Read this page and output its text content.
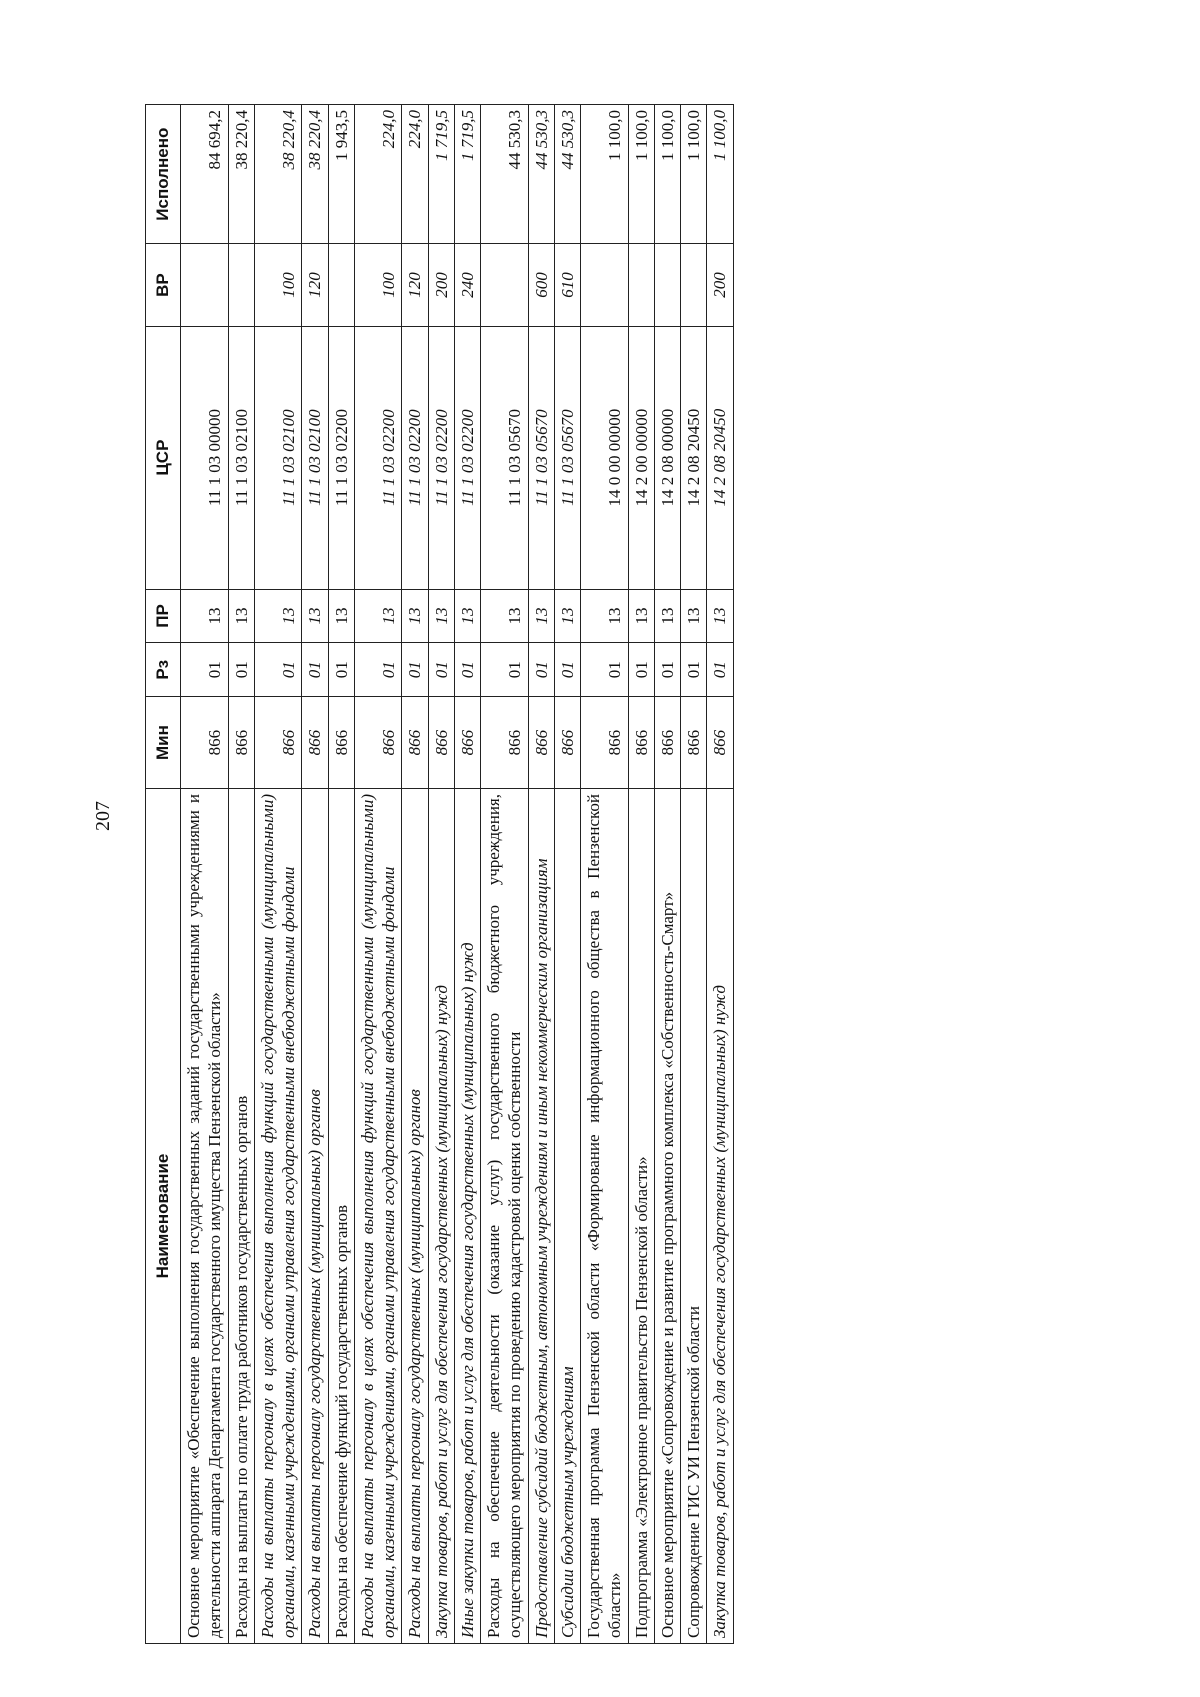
207
Наименование	Мин	Рз	ПР	ЦСР	ВР	Исполнено
Основное мероприятие «Обеспечение выполнения государственных заданий государственными учреждениями и деятельности аппарата Департамента государственного имущества Пензенской области»	866	01	13	11 1 03 00000		84 694,2
Расходы на выплаты по оплате труда работников государственных органов	866	01	13	11 1 03 02100		38 220,4
Расходы на выплаты персоналу в целях обеспечения выполнения функций государственными (муниципальными) органами, казенными учреждениями, органами управления государственными внебюджетными фондами	866	01	13	11 1 03 02100	100	38 220,4
Расходы на выплаты персоналу государственных (муниципальных) органов	866	01	13	11 1 03 02100	120	38 220,4
Расходы на обеспечение функций государственных органов	866	01	13	11 1 03 02200		1 943,5
Расходы на выплаты персоналу в целях обеспечения выполнения функций государственными (муниципальными) органами, казенными учреждениями, органами управления государственными внебюджетными фондами	866	01	13	11 1 03 02200	100	224,0
Расходы на выплаты персоналу государственных (муниципальных) органов	866	01	13	11 1 03 02200	120	224,0
Закупка товаров, работ и услуг для обеспечения государственных (муниципальных) нужд	866	01	13	11 1 03 02200	200	1 719,5
Иные закупки товаров, работ и услуг для обеспечения государственных (муниципальных) нужд	866	01	13	11 1 03 02200	240	1 719,5
Расходы на обеспечение деятельности (оказание услуг) государственного бюджетного учреждения, осуществляющего мероприятия по проведению кадастровой оценки собственности	866	01	13	11 1 03 05670		44 530,3
Предоставление субсидий бюджетным, автономным учреждениям и иным некоммерческим организациям	866	01	13	11 1 03 05670	600	44 530,3
Субсидии бюджетным учреждениям	866	01	13	11 1 03 05670	610	44 530,3
Государственная программа Пензенской области «Формирование информационного общества в Пензенской области»	866	01	13	14 0 00 00000		1 100,0
Подпрограмма «Электронное правительство Пензенской области»	866	01	13	14 2 00 00000		1 100,0
Основное мероприятие «Сопровождение и развитие программного комплекса «Собственность-Смарт»	866	01	13	14 2 08 00000		1 100,0
Сопровождение ГИС УИ Пензенской области	866	01	13	14 2 08 20450		1 100,0
Закупка товаров, работ и услуг для обеспечения государственных (муниципальных) нужд	866	01	13	14 2 08 20450	200	1 100,0
